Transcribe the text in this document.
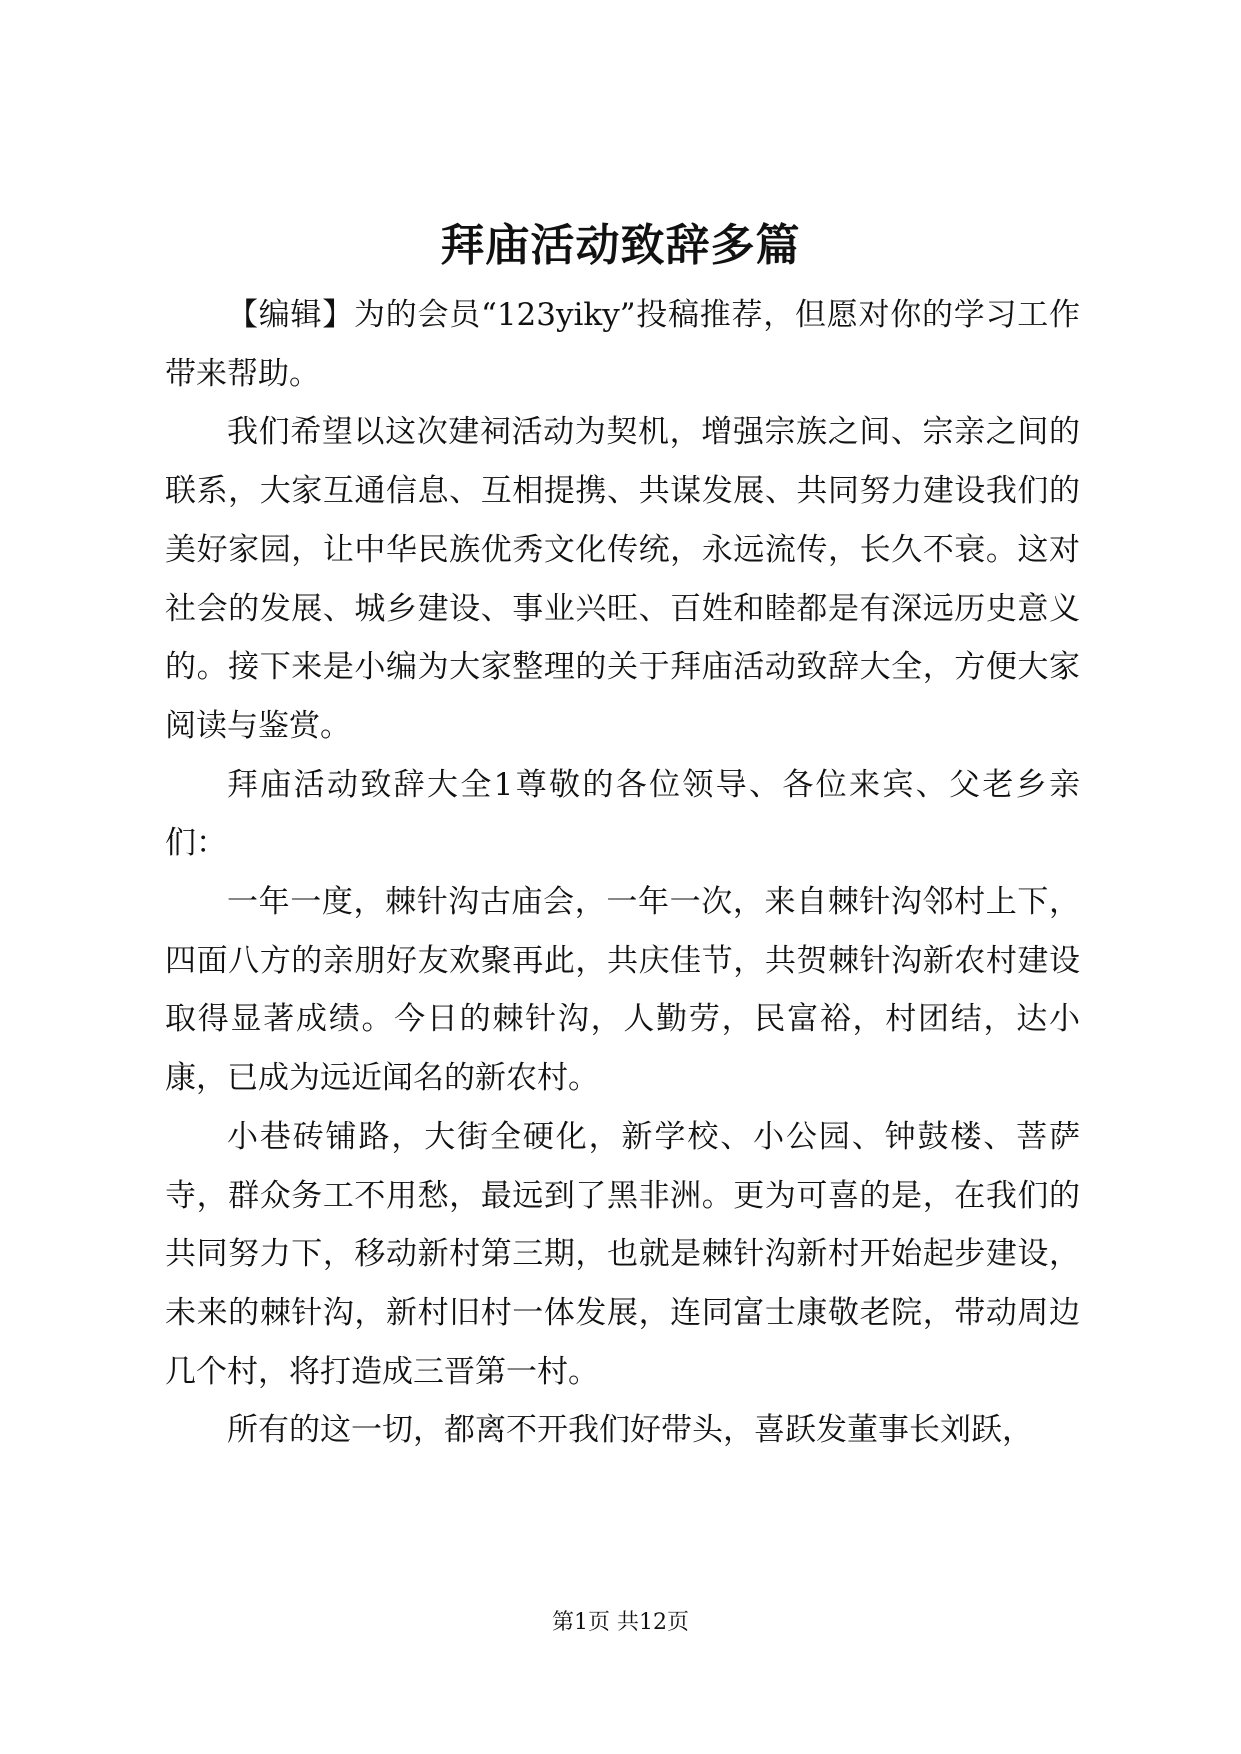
拜庙活动致辞多篇

【编辑】为的会员“123yiky”投稿推荐，但愿对你的学习工作带来帮助。

我们希望以这次建祠活动为契机，增强宗族之间、宗亲之间的联系，大家互通信息、互相提携、共谋发展、共同努力建设我们的美好家园，让中华民族优秀文化传统，永远流传，长久不衰。这对社会的发展、城乡建设、事业兴旺、百姓和睦都是有深远历史意义的。接下来是小编为大家整理的关于拜庙活动致辞大全，方便大家阅读与鉴赏。

拜庙活动致辞大全1尊敬的各位领导、各位来宾、父老乡亲们：

一年一度，棘针沟古庙会，一年一次，来自棘针沟邻村上下，四面八方的亲朋好友欢聚再此，共庆佳节，共贺棘针沟新农村建设取得显著成绩。今日的棘针沟，人勤劳，民富裕，村团结，达小康，已成为远近闻名的新农村。

小巷砖铺路，大街全硬化，新学校、小公园、钟鼓楼、菩萨寺，群众务工不用愁，最远到了黑非洲。更为可喜的是，在我们的共同努力下，移动新村第三期，也就是棘针沟新村开始起步建设，未来的棘针沟，新村旧村一体发展，连同富士康敬老院，带动周边几个村，将打造成三晋第一村。

所有的这一切，都离不开我们好带头，喜跃发董事长刘跃，

第1页 共12页
